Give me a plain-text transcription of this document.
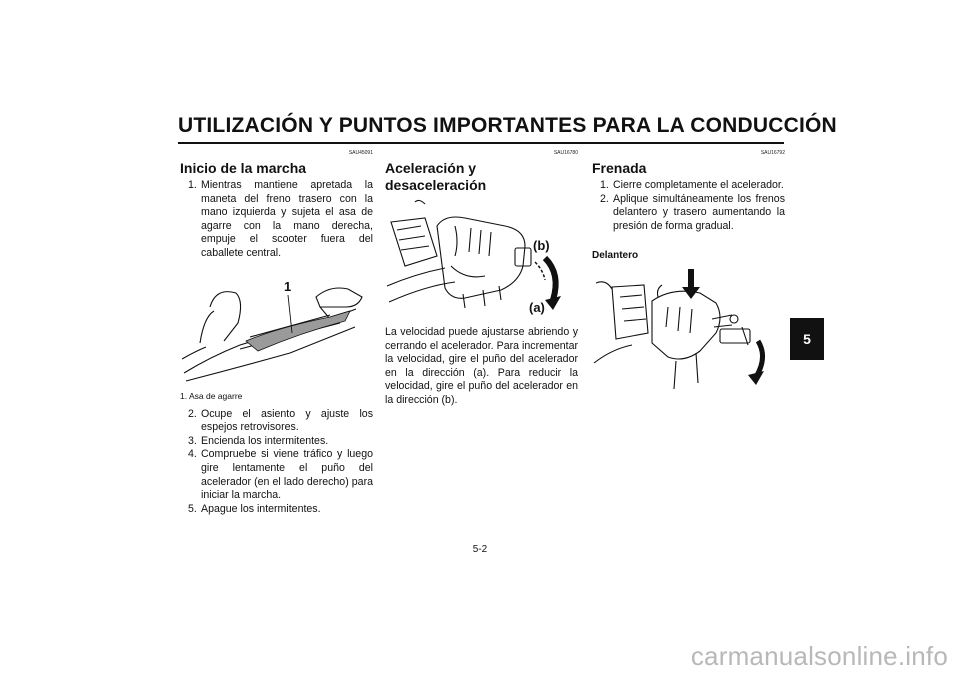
UTILIZACIÓN Y PUNTOS IMPORTANTES PARA LA CONDUCCIÓN
SAU45091
Inicio de la marcha
1. Mientras mantiene apretada la maneta del freno trasero con la mano izquierda y sujeta el asa de agarre con la mano derecha, empuje el scooter fuera del caballete central.
1
1. Asa de agarre
2. Ocupe el asiento y ajuste los espejos retrovisores.
3. Encienda los intermitentes.
4. Compruebe si viene tráfico y luego gire lentamente el puño del acelerador (en el lado derecho) para iniciar la marcha.
5. Apague los intermitentes.
SAU16780
Aceleración y desaceleración
(b)
(a)
La velocidad puede ajustarse abriendo y cerrando el acelerador. Para incrementar la velocidad, gire el puño del acelerador en la dirección (a). Para reducir la velocidad, gire el puño del acelerador en la dirección (b).
SAU16792
Frenada
1. Cierre completamente el acelerador.
2. Aplique simultáneamente los frenos delantero y trasero aumentando la presión de forma gradual.
Delantero
5
5-2
carmanualsonline.info
